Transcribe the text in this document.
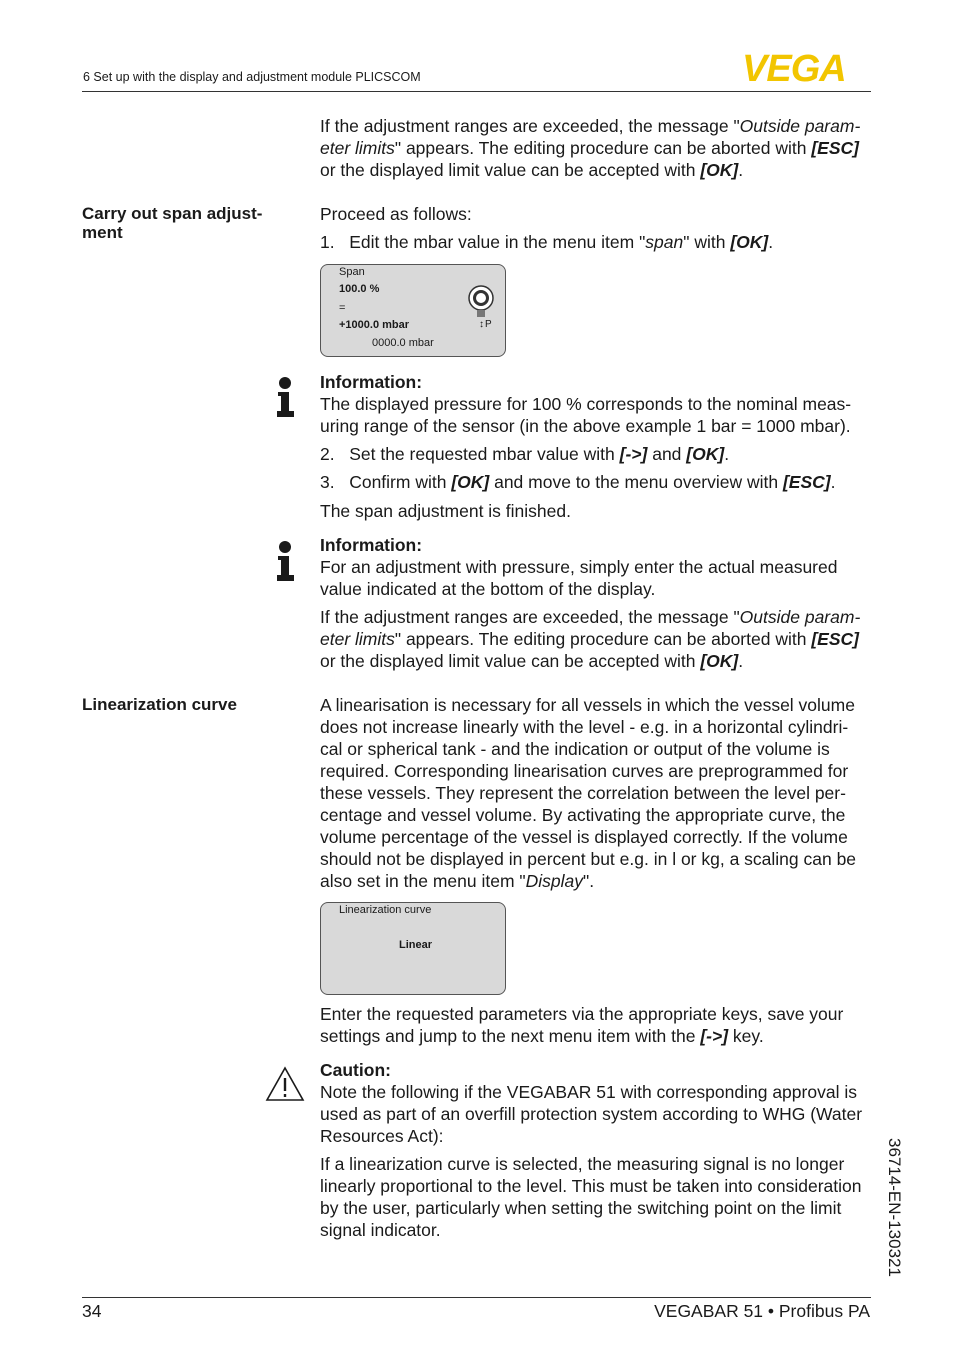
6 Set up with the display and adjustment module PLICSCOM	VEGA
If the adjustment ranges are exceeded, the message "Outside param-
eter limits" appears. The editing procedure can be aborted with [ESC]
or the displayed limit value can be accepted with [OK].
Carry out span adjust-
ment
Proceed as follows:
1. Edit the mbar value in the menu item "span" with [OK].
Span
100.0 %
=
+1000.0 mbar
0000.0 mbar
↕ P
Information:
The displayed pressure for 100 % corresponds to the nominal meas-
uring range of the sensor (in the above example 1 bar = 1000 mbar).
2. Set the requested mbar value with [->] and [OK].
3. Confirm with [OK] and move to the menu overview with [ESC].
The span adjustment is finished.
Information:
For an adjustment with pressure, simply enter the actual measured
value indicated at the bottom of the display.
If the adjustment ranges are exceeded, the message "Outside param-
eter limits" appears. The editing procedure can be aborted with [ESC]
or the displayed limit value can be accepted with [OK].
Linearization curve	A linearisation is necessary for all vessels in which the vessel volume
does not increase linearly with the level - e.g. in a horizontal cylindri-
cal or spherical tank - and the indication or output of the volume is
required. Corresponding linearisation curves are preprogrammed for
these vessels. They represent the correlation between the level per-
centage and vessel volume. By activating the appropriate curve, the
volume percentage of the vessel is displayed correctly. If the volume
should not be displayed in percent but e.g. in l or kg, a scaling can be
also set in the menu item "Display".
Linearization curve
Linear
Enter the requested parameters via the appropriate keys, save your
settings and jump to the next menu item with the [->] key.
Caution:
Note the following if the VEGABAR 51 with corresponding approval is
used as part of an overfill protection system according to WHG (Water
Resources Act):
If a linearization curve is selected, the measuring signal is no longer
linearly proportional to the level. This must be taken into consideration
by the user, particularly when setting the switching point on the limit
signal indicator.	36714-EN-130321
34	VEGABAR 51 • Profibus PA
